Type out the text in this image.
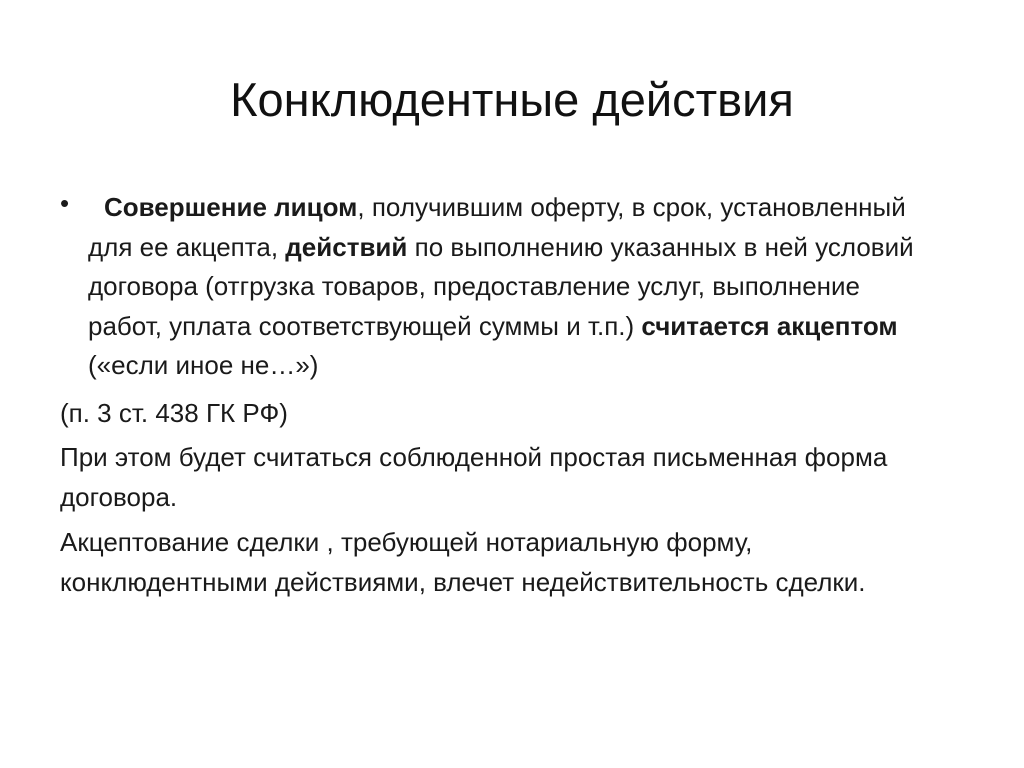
Конклюдентные действия
• Совершение лицом, получившим оферту, в срок, установленный для ее акцепта, действий по выполнению указанных в ней условий договора (отгрузка товаров, предоставление услуг, выполнение работ, уплата соответствующей суммы и т.п.) считается акцептом («если иное не…»)
(п. 3 ст. 438 ГК РФ)
При этом будет считаться соблюденной простая письменная форма договора.
Акцептование сделки , требующей нотариальную форму, конклюдентными действиями, влечет недействительность сделки.
